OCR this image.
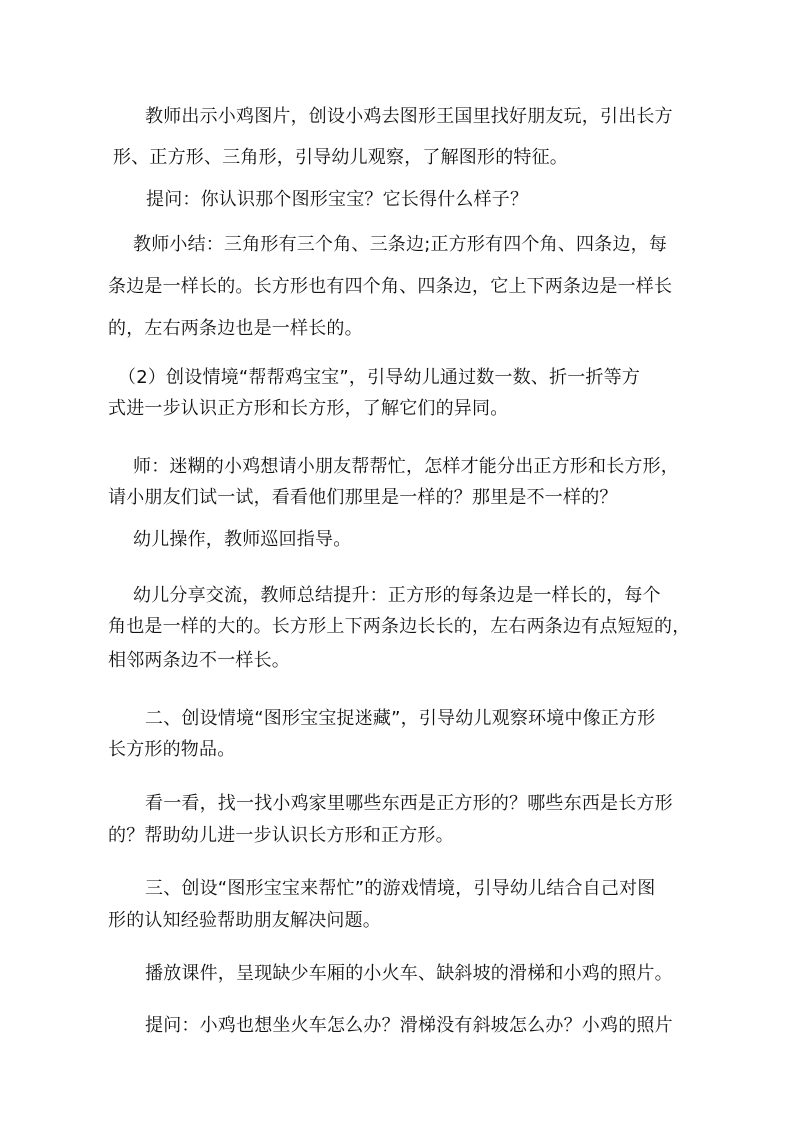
教师出示小鸡图片，创设小鸡去图形王国里找好朋友玩，引出长方

形、正方形、三角形，引导幼儿观察，了解图形的特征。

提问：你认识那个图形宝宝？它长得什么样子？

教师小结：三角形有三个角、三条边;正方形有四个角、四条边，每

条边是一样长的。长方形也有四个角、四条边，它上下两条边是一样长

的，左右两条边也是一样长的。

（2）创设情境“帮帮鸡宝宝”，引导幼儿通过数一数、折一折等方

式进一步认识正方形和长方形，了解它们的异同。

师：迷糊的小鸡想请小朋友帮帮忙，怎样才能分出正方形和长方形，

请小朋友们试一试，看看他们那里是一样的？那里是不一样的？

幼儿操作，教师巡回指导。

幼儿分享交流，教师总结提升：正方形的每条边是一样长的，每个

角也是一样的大的。长方形上下两条边长长的，左右两条边有点短短的，

相邻两条边不一样长。

二、创设情境“图形宝宝捉迷藏”，引导幼儿观察环境中像正方形

长方形的物品。

看一看，找一找小鸡家里哪些东西是正方形的？哪些东西是长方形

的？帮助幼儿进一步认识长方形和正方形。

三、创设“图形宝宝来帮忙”的游戏情境，引导幼儿结合自己对图

形的认知经验帮助朋友解决问题。

播放课件，呈现缺少车厢的小火车、缺斜坡的滑梯和小鸡的照片。

提问：小鸡也想坐火车怎么办？滑梯没有斜坡怎么办？小鸡的照片
